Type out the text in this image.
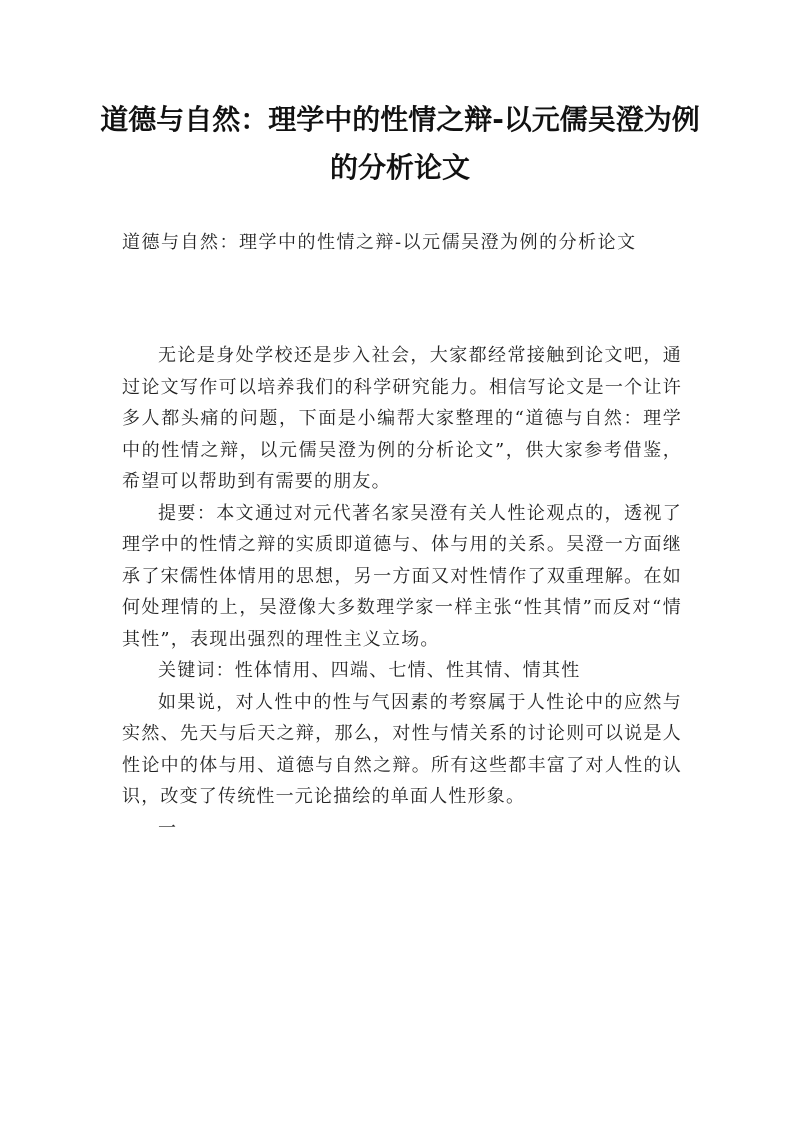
道德与自然：理学中的性情之辩-以元儒吴澄为例的分析论文

道德与自然：理学中的性情之辩-以元儒吴澄为例的分析论文

无论是身处学校还是步入社会，大家都经常接触到论文吧，通过论文写作可以培养我们的科学研究能力。相信写论文是一个让许多人都头痛的问题，下面是小编帮大家整理的“道德与自然：理学中的性情之辩，以元儒吴澄为例的分析论文”，供大家参考借鉴，希望可以帮助到有需要的朋友。

提要：本文通过对元代著名家吴澄有关人性论观点的，透视了理学中的性情之辩的实质即道德与、体与用的关系。吴澄一方面继承了宋儒性体情用的思想，另一方面又对性情作了双重理解。在如何处理情的上，吴澄像大多数理学家一样主张“性其情”而反对“情其性”，表现出强烈的理性主义立场。

关键词：性体情用、四端、七情、性其情、情其性

如果说，对人性中的性与气因素的考察属于人性论中的应然与实然、先天与后天之辩，那么，对性与情关系的讨论则可以说是人性论中的体与用、道德与自然之辩。所有这些都丰富了对人性的认识，改变了传统性一元论描绘的单面人性形象。

一
